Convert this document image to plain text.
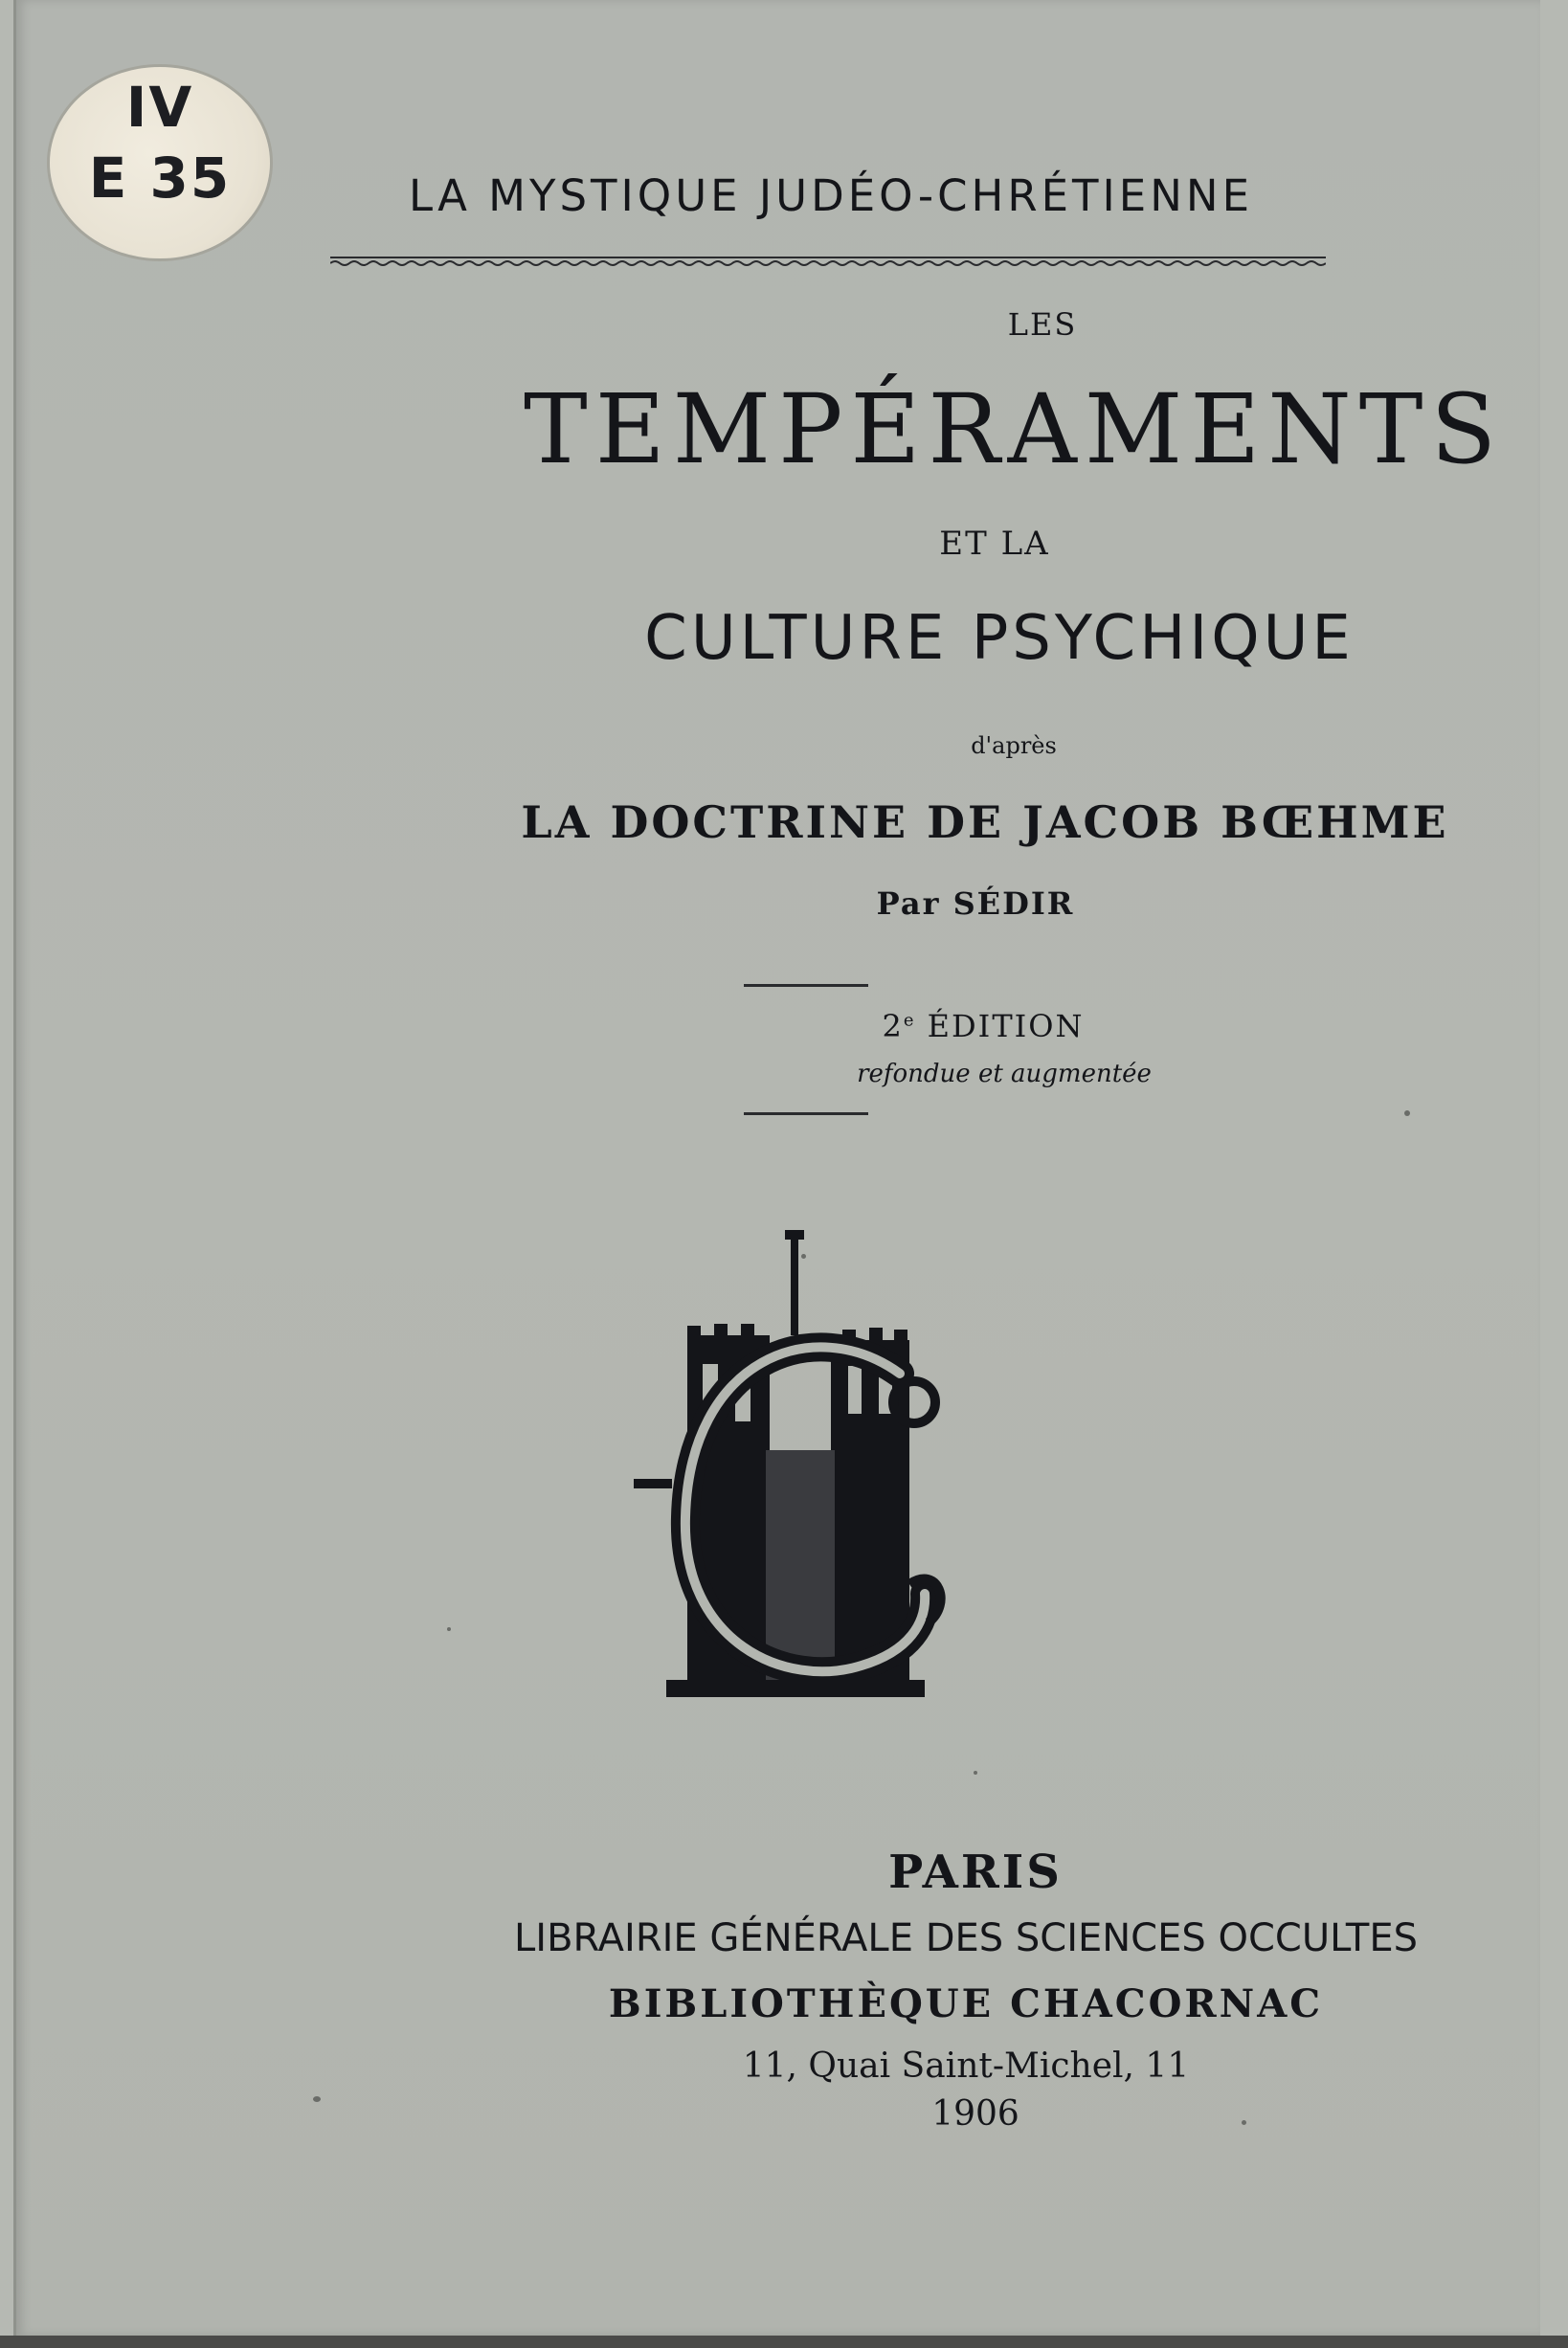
IV
E 35	LA MYSTIQUE JUDÉO-CHRÉTIENNE
LES
TEMPÉRAMENTS
ET LA
CULTURE PSYCHIQUE
d'après
LA DOCTRINE DE JACOB BŒHME
Par SÉDIR
2e ÉDITION
refondue et augmentée
PARIS
LIBRAIRIE GÉNÉRALE DES SCIENCES OCCULTES
BIBLIOTHÈQUE CHACORNAC
11, Quai Saint-Michel, 11
1906
